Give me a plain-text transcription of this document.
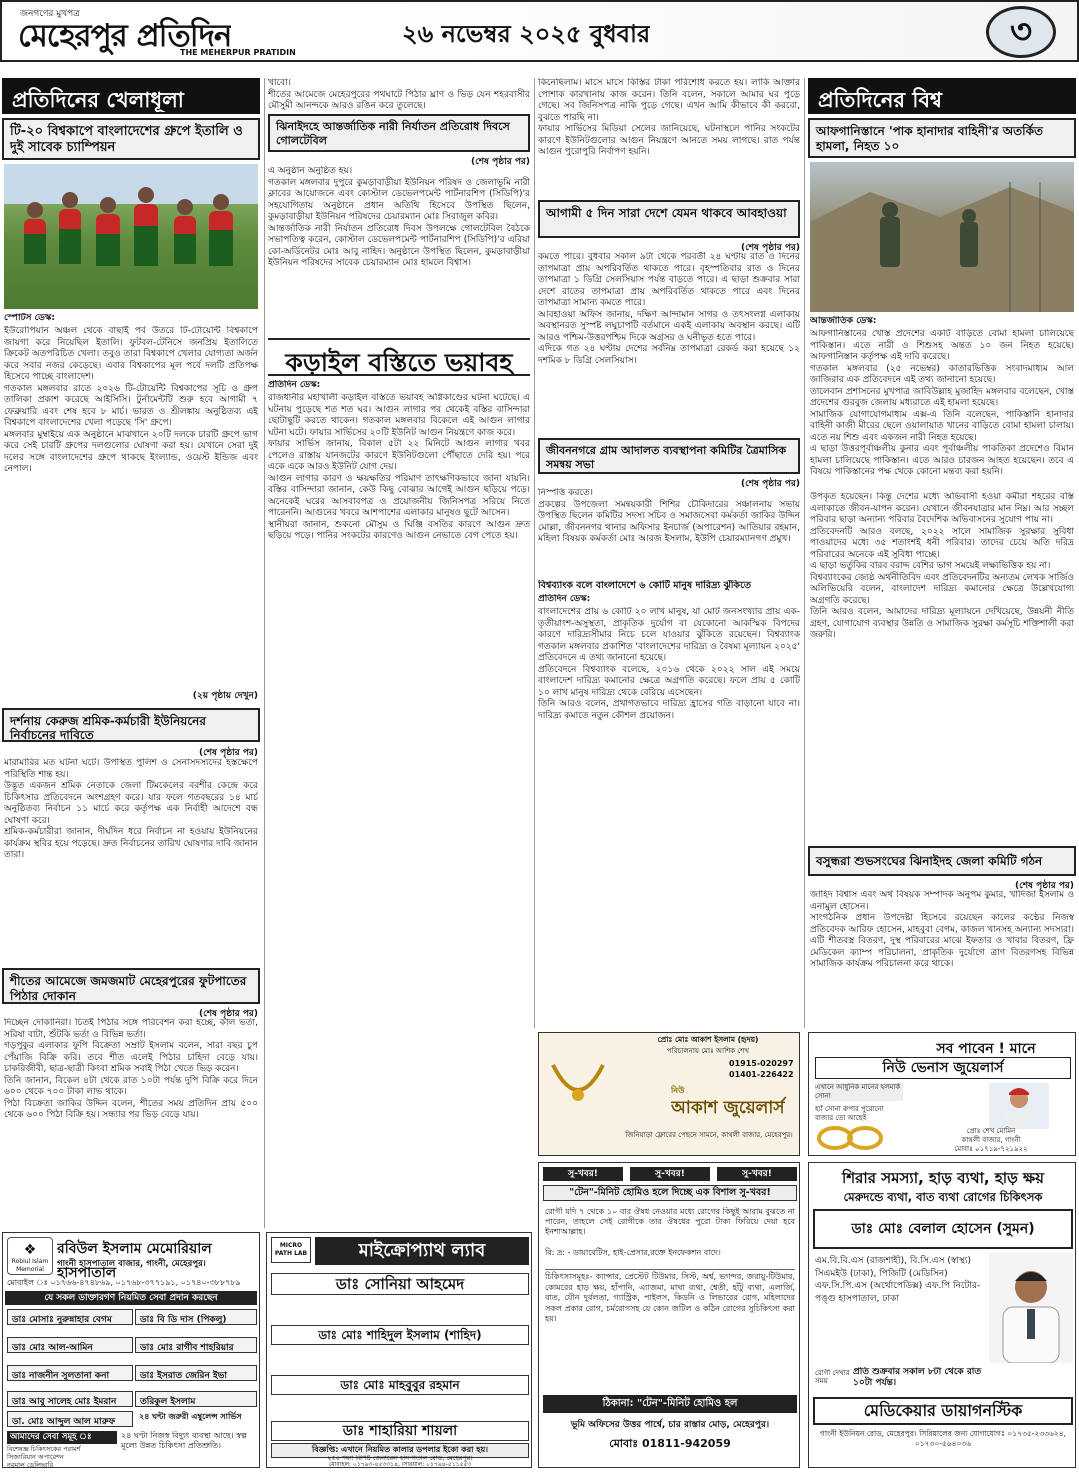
জনগণের মুখপত্র
মেহেরপুর প্রতিদিন
THE MEHERPUR PRATIDIN
২৬ নভেম্বর ২০২৫ বুধবার	৩
প্রতিদিনের খেলাধূলা
টি-২০ বিশ্বকাপে বাংলাদেশের গ্রুপে ইতালি ও দুই সাবেক চ্যাম্পিয়ন
স্পোর্টস ডেস্ক:
ইউরোপিয়ান অঞ্চল থেকে বাছাই পর্ব উতরে টি-টোয়েন্টি বিশ্বকাপে জায়গা করে নিয়েছিল ইতালি। ফুটবল-টেনিসে জনপ্রিয় ইতালিতে ক্রিকেট অতপরিচিত খেলা। তবুও তারা বিশ্বকাপে খেলার যোগ্যতা অর্জন করে সবার নজর কেড়েছে। এবার বিশ্বকাপের মূল পর্বে দলটি প্রতিপক্ষ হিসেবে পাচ্ছে বাংলাদেশ।
গতকাল মঙ্গলবার রাতে ২০২৬ টি-টোয়েন্টি বিশ্বকাপের সূচি ও গ্রুপ তালিকা প্রকাশ করেছে আইসিসি। টুর্নামেন্টটি শুরু হবে আগামী ৭ ফেব্রুয়ারি এবং শেষ হবে ৮ মার্চ। ভারত ও শ্রীলঙ্কায় অনুষ্ঠিতব্য এই বিশ্বকাপে বাংলাদেশের খেলা পড়েছে 'সি' গ্রুপে।
মঙ্গলবার মুম্বাইয়ে এক অনুষ্ঠানে মাঝখানে ২০টি দলকে চারটি গ্রুপে ভাগ করে সেই চারটি গ্রুপের দলগুলোর ঘোষণা করা হয়। যেখানে সেরা দুই দলের সঙ্গে বাংলাদেশের গ্রুপে থাকছে ইংল্যান্ড, ওয়েস্ট ইন্ডিজ এবং নেপাল।
(২য় পৃষ্ঠায় দেখুন)
দর্শনায় কেরুজ শ্রমিক-কর্মচারী ইউনিয়নের নির্বাচনের দাবিতে
(শেষ পৃষ্ঠার পর)
মারামারির মত ঘটনা ঘটে। উপস্থিত পুলিশ ও সেনাসদস্যদের হস্তক্ষেপে পরিস্থিতি শান্ত হয়।
উদ্ভূত একজন শ্রমিক নেতাকে জেলা টিমকেলের বরশীর কেন্দ্রে করে চিকিৎসার প্রতিবেদনে অংশগ্রহণ করে। যার ফলে গতবছরের ১৪ মার্চ অনুষ্ঠিতব্য নির্বাচন ১১ মার্চে করে কর্তৃপক্ষ এক নির্বাহী আদেশে বন্ধ ঘোষণা করে।
শ্রমিক-কর্মচারীরা জানান, দীর্ঘদিন ধরে নির্বাচন না হওয়ায় ইউনিয়নের কার্যক্রম স্থবির হয়ে পড়েছে। দ্রুত নির্বাচনের তারিখ ঘোষণার দাবি জানান তারা।
শীতের আমেজে জমজমাট মেহেরপুরের ফুটপাতের পিঠার দোকান
(শেষ পৃষ্ঠার পর)
দিচ্ছেন দোকানিরা। চিতই পিঠার সঙ্গে পরিবেশন করা হচ্ছে, কাল ভর্তা, সরিষা বাটা, শুঁটকি ভর্তা ও বিভিন্ন ভর্তা।
গড়পুকুর এলাকার ফুপি বিক্রেতা সম্রাট ইসলাম বলেন, সারা বছর চুপ পেঁয়াজি বিক্রি করি। তবে শীত এলেই পিঠার চাহিদা বেড়ে যায়। চাকরিজীবী, ছাত্র-ছাত্রী কিংবা শ্রমিক সবাই পিঠা খেতে ভিড় করেন।
তিনি জানান, বিকেল ৪টা থেকে রাত ১০টা পর্যন্ত দুপি বিক্রি করে দিনে ৬০০ থেকে ৭০০ টাকা লাভ থাকে।
পিঠা বিক্রেতা জাকির উদ্দিন বলেন, শীতের সময় প্রতিদিন প্রায় ৫০০ থেকে ৬০০ পিঠা বিক্রি হয়। সন্ধ্যার পর ভিড় বেড়ে যায়।
খাবো।
শীতের আমেজে মেহেরপুরের পথঘাটে পিঠার ঘ্রাণ ও ভিড় যেন শহরবাসীর মৌসুমী আনন্দকে আরও রঙিন করে তুলেছে।
ঝিনাইদহে আন্তর্জাতিক নারী নির্যাতন প্রতিরোধ দিবসে গোলটেবিল
(শেষ পৃষ্ঠার পর)
এ অনুষ্ঠান অনুষ্ঠিত হয়।
গতকাল মঙ্গলবার দুপুরে কুমড়াবাড়ীয়া ইউনিয়ন পরিষদ ও জেলাভূমি নারী ক্লাবের আয়োজনে এবং কোস্টাল ডেভেলপমেন্ট পার্টনারশিপ (সিডিপি)'র সহযোগিতায় অনুষ্ঠানে প্রধান অতিথি হিসেবে উপস্থিত ছিলেন, কুমড়াবাড়ীয়া ইউনিয়ন পরিষদের চেয়ারম্যান মোঃ সিরাজুল কবির।
আন্তর্জাতিক নারী নির্যাতন প্রতিরোধ দিবস উপলক্ষে গোলটেবিল বৈঠকে সভাপতিত্ব করেন, কোস্টাল ডেভেলপমেন্ট পার্টনারশিপ (সিডিপি)'র এরিয়া কো-অর্ডিনেটর মোঃ আবু নাহিদ। অনুষ্ঠানে উপস্থিত ছিলেন, কুমড়াবাড়ীয়া ইউনিয়ন পরিষদের সাবেক চেয়ারম্যান মোঃ হামলে বিশ্বাস।
কড়াইল বস্তিতে ভয়াবহ
প্রতিদিন ডেস্ক:
রাজধানীর মহাখালী কড়াইল বস্তিতে ভয়াবহ অগ্নিকাণ্ডের ঘটনা ঘটেছে। এ ঘটনায় পুড়েছে শত শত ঘর। আগুন লাগার পর থেকেই বস্তির বাসিন্দারা ছোটাছুটি করতে থাকেন। গতকাল মঙ্গলবার বিকেলে এই আগুন লাগার ঘটনা ঘটে। ফায়ার সার্ভিসের ২০টি ইউনিট আগুন নিয়ন্ত্রণে কাজ করে।
ফায়ার সার্ভিস জানায়, বিকাল ৫টা ২২ মিনিটে আগুন লাগার খবর পেলেও রাস্তায় যানজটের কারণে ইউনিটগুলো পৌঁছাতে দেরি হয়। পরে একে একে আরও ইউনিট যোগ দেয়।
আগুন লাগার কারণ ও ক্ষয়ক্ষতির পরিমাণ তাৎক্ষণিকভাবে জানা যায়নি। বস্তির বাসিন্দারা জানান, কেউ কিছু বোঝার আগেই আগুন ছড়িয়ে পড়ে। অনেকেই ঘরের আসবাবপত্র ও প্রয়োজনীয় জিনিসপত্র সরিয়ে নিতে পারেননি। আগুনের খবরে আশপাশের এলাকার মানুষও ছুটে আসেন।
স্থানীয়রা জানান, শুকনো মৌসুম ও ঘিঞ্জি বসতির কারণে আগুন দ্রুত ছড়িয়ে পড়ে। পানির সংকটের কারণেও আগুন নেভাতে বেগ পেতে হয়।
কিনেছিলাম। মাসে মাসে কিস্তির টাকা পরিশোধ করতে হয়। লাকি আক্তার পোশাক কারখানায় কাজ করেন। তিনি বলেন, সকালে আমার ঘর পুড়ে গেছে। সব জিনিসপত্র নাকি পুড়ে গেছে। এখন আমি কীভাবে কী করবো, বুঝতে পারছি না।
ফায়ার সার্ভিসের মিডিয়া সেলের জানিয়েছে, ঘটনাস্থলে পানির সংকটের কারণে ইউনিটগুলোর আগুন নিয়ন্ত্রণে আনতে সময় লাগছে। রাত পর্যন্ত আগুন পুরোপুরি নির্বাপণ হয়নি।
আগামী ৫ দিন সারা দেশে যেমন থাকবে আবহাওয়া
(শেষ পৃষ্ঠার পর)
কমতে পারে। বুধবার সকাল ৯টা থেকে পরবর্তী ২৪ ঘণ্টায় রাত ও দিনের তাপমাত্রা প্রায় অপরিবর্তিত থাকতে পারে। বৃহস্পতিবার রাত ও দিনের তাপমাত্রা ১ ডিগ্রি সেলসিয়াস পর্যন্ত বাড়তে পারে। এ ছাড়া শুক্রবার সারা দেশে রাতের তাপমাত্রা প্রায় অপরিবর্তিত থাকতে পারে এবং দিনের তাপমাত্রা সামান্য কমতে পারে।
আবহাওয়া অফিস জানায়, দক্ষিণ আন্দামান সাগর ও তৎসংলগ্ন এলাকায় অবস্থানরত সুস্পষ্ট লঘুচাপটি বর্তমানে একই এলাকায় অবস্থান করছে। এটি আরও পশ্চিম-উত্তরপশ্চিম দিকে অগ্রসর ও ঘনীভূত হতে পারে।
এদিকে গত ২৪ ঘণ্টায় দেশের সর্বনিম্ন তাপমাত্রা রেকর্ড করা হয়েছে ১২ দশমিক ৮ ডিগ্রি সেলসিয়াস।
জীবননগরে গ্রাম আদালত ব্যবস্থাপনা কমিটির ত্রৈমাসিক সমন্বয় সভা
(শেষ পৃষ্ঠার পর)
নিস্পত্তি করতে।
প্রকল্পের উপজেলা সমন্বয়কারী শিশির চৌকিদারের সঞ্চালনায় সভায় উপস্থিত ছিলেন কমিটির সদস্য সচিব ও সমাজসেবা কর্মকর্তা জাকির উদ্দিন মোল্লা, জীবননগর থানার অফিসার ইনচার্জ (অপারেশন) আতিয়ার রহমান, মহিলা বিষয়ক কর্মকর্তা মোঃ আরজ ইসলাম, ইউপি চেয়ারম্যানগণ প্রমুখ।
বিশ্বব্যাংক বলে বাংলাদেশে ৬ কোটি মানুষ দারিদ্র্য ঝুঁকিতে
প্রতিদিন ডেস্ক:
বাংলাদেশের প্রায় ৬ কোটি ২০ লাখ মানুষ, যা মোট জনসংখ্যার প্রায় এক-তৃতীয়াংশ-অসুস্থতা, প্রাকৃতিক দুর্যোগ বা যেকোনো আকস্মিক বিপদের কারণে দারিদ্র্যসীমার নিচে চলে যাওয়ার ঝুঁকিতে রয়েছেন। বিশ্বব্যাংক গতকাল মঙ্গলবার প্রকাশিত 'বাংলাদেশের দারিদ্র্য ও বৈষম্য মূল্যায়ন ২০২৫' প্রতিবেদনে এ তথ্য জানানো হয়েছে।
প্রতিবেদনে বিশ্বব্যাংক বলেছে, ২০১৬ থেকে ২০২২ সাল এই সময়ে বাংলাদেশ দারিদ্র্য কমানোর ক্ষেত্রে অগ্রগতি করেছে। ফলে প্রায় ৫ কোটি ১০ লাখ মানুষ দারিদ্র্য থেকে বেরিয়ে এসেছেন।
তিনি আরও বলেন, প্রথাগতভাবে দারিদ্র্য হ্রাসের গতি বাড়ানো যাবে না। দারিদ্র্য কমাতে নতুন কৌশল প্রয়োজন।
প্রতিদিনের বিশ্ব
আফগানিস্তানে 'পাক হানাদার বাহিনী'র অতর্কিত হামলা, নিহত ১০
আন্তর্জাতিক ডেস্ক:
আফগানিস্তানের খোস্ত প্রদেশের একটি বাড়িতে বোমা হামলা চালিয়েছে পাকিস্তান। এতে নারী ও শিশুসহ অন্তত ১০ জন নিহত হয়েছে। আফগানিস্তান কর্তৃপক্ষ এই দাবি করেছে।
গতকাল মঙ্গলবার (২৫ নভেম্বর) কাতারভিত্তিক সংবাদমাধ্যম আল জাজিরার এক প্রতিবেদনে এই তথ্য জানানো হয়েছে।
তালেবান প্রশাসনের মুখপাত্র জাবিউল্লাহ মুজাহিদ মঙ্গলবার বলেছেন, খোস্ত প্রদেশের গুরবুজ জেলায় মধ্যরাতে এই হামলা হয়েছে।
সামাজিক যোগাযোগমাধ্যম এক্স-এ তিনি বলেছেন, পাকিস্তানি হানাদার বাহিনী কাজী মীরের ছেলে ওয়ালায়াত খানের বাড়িতে বোমা হামলা চালায়। এতে নয় শিশু এবং একজন নারী নিহত হয়েছে।
এ ছাড়া উত্তরপূর্বাঞ্চলীয় কুনার এবং পূর্বাঞ্চলীয় পাকতিকা প্রদেশেও বিমান হামলা চালিয়েছে পাকিস্তান। এতে আরও চারজন আহত হয়েছেন। তবে এ বিষয়ে পাকিস্তানের পক্ষ থেকে কোনো মন্তব্য করা হয়নি।
উপকৃত হয়েছেন। কিন্তু দেশের মধ্যে অভিবাসী হওয়া কর্মীরা শহরের বস্তি এলাকাতে জীবন-যাপন করেন। যেখানে জীবনযাত্রার মান নিম্ন। আর সচ্ছল পরিবার ছাড়া অন্যান্য পরিবার বৈদেশিক অভিবাসনের সুযোগ পায় না।
প্রতিবেদনটি আরও বলছে, ২০২২ সালে সামাজিক সুরক্ষার সুবিধা পাওয়াদের মধ্যে ৩৫ শতাংশই ধনী পরিবার। তাদের চেয়ে অতি দরিদ্র পরিবারের অনেকে এই সুবিধা পাচ্ছে।
এ ছাড়া ভর্তুকির বারব বরাদ্দ বেশির ভাগ সময়েই লক্ষ্যভিত্তিক হয় না।
বিশ্বব্যাংকের জ্যেষ্ঠ অর্থনীতিবিদ এবং প্রতিবেদনটির অন্যতম লেখক সার্জিও অলিভিয়েরি বলেন, বাংলাদেশ দারিদ্র্য কমানোর ক্ষেত্রে উল্লেখযোগ্য অগ্রগতি করেছে।
তিনি আরও বলেন, আমাদের দারিদ্র্য মূল্যায়নে দেখিয়েছে, উন্নয়নী নীতি গ্রহণ, যোগাযোগ ব্যবস্থার উন্নতি ও সামাজিক সুরক্ষা কর্মসূচি শক্তিশালী করা জরুরি।
বসুন্ধরা শুভসংঘের ঝিনাইদহ জেলা কমিটি গঠন
(শেষ পৃষ্ঠার পর)
জাহিদ বিশ্বাস এবং অর্থ বিষয়ক সম্পাদক অনুপম কুমার, খাদিজা ইসলাম ও এনামুল হোসেন।
সাংগঠনিক প্রধান উপদেষ্টা হিসেবে রয়েছেন কালের কণ্ঠের নিজস্ব প্রতিবেদক আরিফ হোসেন, মাহবুবা বেগম, কাজল খানসহ অন্যান্য সদস্যরা।
এটি শীতবস্ত্র বিতরণ, দুস্থ পরিবারের মাঝে ইফতার ও খাবার বিতরণ, ফ্রি মেডিকেল ক্যাম্প পরিচালনা, প্রাকৃতিক দুর্যোগে ত্রাণ বিতরণসহ বিভিন্ন সামাজিক কার্যক্রম পরিচালনা করে থাকে।
❖
Robiul Islam Memorial
রবিউল ইসলাম মেমোরিয়াল হাসপাতাল
গাংনী হাসপাতাল বাজার, গাংনী, মেহেরপুর।
মোবাইল ঃ ০১৭৬৬-৪৭৪৮৬৯, ০১৭৬৮-৩৭৭১৯১, ০১৭৪০-৩৮৮৭৮৯
যে সকল ডাক্তারগণ নিয়মিত সেবা প্রদান করছেন
ডাঃ মোসাঃ নুরুন্নাহার বেগম	ডাঃ বি ডি দাস (পিকলু)
ডাঃ মোঃ আল-আমিন	ডাঃ মোঃ রাগীব শাহরিয়ার
ডাঃ নাজনীন সুলতানা কনা	ডাঃ ইসরাত জেরিন ইভা
ডাঃ আবু সালেহ মোঃ ইমরান	তরিকুল ইসলাম
ডা. মোঃ আব্দুল আল মারুফ
২৪ ঘন্টা জরুরী এম্বুলেন্স সার্ভিস
আমাদের সেবা সমূহ ঃ
বিশেষজ্ঞ চিকিৎসকের পরামর্শ
সিজারিয়ান অপারেশন
নরমাল ডেলিভারি
২৪ ঘণ্টা নিজস্ব বিদ্যুৎ ব্যবস্থা আছে। স্বল্প মূল্যে উন্নত চিকিৎসা প্রতিশ্রুতি।
MICRO PATH LAB	মাইক্রোপ্যাথ ল্যাব
ডাঃ সোনিয়া আহমেদ
ডাঃ মোঃ শাহিদুল ইসলাম (শাহিদ)
ডাঃ মোঃ মাহবুবুর রহমান
ডাঃ শাহারিয়া শায়লা
বিজ্ঞপ্তি: এখানে নিয়মিত কালার ডপলার ইকো করা হয়।
২৫০ শয্যা বিশিষ্ট জেনারেল হাসপাতাল রোড, মেহেরপুর।
মোবাইল: ০১৭৯৩-৪৫৩৩১৪, সিরিয়াল: ০১৭৯৪-৫১১৫৫৩
প্রোঃ মোঃ আকাশ ইসলাম (হৃদয়)
পরিচালনায় মোঃ আশিক শেখ
01915-020297
01401-226422
নিউ
আকাশ জুয়েলার্স
জিনিয়াড়া ফ্লোরের পেছনে সামনে, কাথলী বাজার, মেহেরপুর।
সব পাবেন ! মানে
নিউ ভেনাস জুয়েলার্স
এখানে আধুনিক মানের হলমার্ক সোনা
হ্যাঁ সোনা রুপার পুরোনো বাজার তো আছেই
প্রোঃ শেখ মোমিন
কাথলী বাজার, গাংনী
মোবাঃ ০১৭১৯-৭২১৯২২
সু-খবর!	সু-খবর!	সু-খবর!
"টেন"-মিনিট হোমিও হলে দিচ্ছে এক বিশাল সু-খবর!
রোগী যদি ৭ থেকে ১০ বার ঔষধ নেওয়ার মধ্যে রোগের কিছুই আরাম বুঝতে না পারেন, তাহলে সেই রোগীকে তার ঔষধের পুরো টাকা ফিরিয়ে দেয়া হবে ইনশাআল্লাহ।
বি: দ্র: - ডায়াবেটিস, হাই-প্রেসার,রক্তে ইনফেকশন বাদে।
চিকিৎসাসমূহঃ- ক্যান্সার, প্রেস্টেট টিউমার, সিস্ট, অর্শ্ব, ভগন্দর, জরায়ু-টিউমার, কোমরের হাড় ক্ষয়, হাঁপানি, এ্যাজমা, মাথা ব্যথা, শ্বেতী, হাঁটু ব্যথা, এলার্জি, বাত, যৌন দুর্বলতা, গ্যাস্ট্রিক, পাইলস, কিডনি ও লিভারের রোগ, মহিলাদের সকল প্রকার রোগ, চর্মরোগসহ যে কোন জটিল ও কঠিন রোগের সুচিকিৎসা করা হয়।
ঠিকানা: "টেন"-মিনিট হোমিও হল
ভূমি অফিসের উত্তর পার্শ্বে, চার রাস্তার মোড়, মেহেরপুর।
মোবাঃ 01811-942059
শিরার সমস্যা, হাড় ব্যথা, হাড় ক্ষয়
মেরুদন্ডে ব্যথা, বাত ব্যথা রোগের চিকিৎসক
ডাঃ মোঃ বেলাল হোসেন (সুমন)
এম.বি.বি.এস (রাজশাহী), বি.সি.এস (স্বাস্থ্য) সিএমইউ (ঢাকা), পিজিটি (মেডিসিন) এফ.সি.পি.এস (অর্থোপেডিক্স) এফ.পি নিটোর- পঙ্গু হাসপাতাল, ঢাকা
রোগী দেখার সময়
প্রতি শুক্রবার সকাল ৮টা থেকে রাত ১০টা পর্যন্ত।
মেডিকেয়ার ডায়াগনস্টিক
গাংনী ইউনিয়ন রোড, মেহেরপুর। সিরিয়ালের জন্য যোগাযোগঃ ০১৭৩৫-২৩৩৬২৪, ০১৭৩০-৫৬৪০৩৬
